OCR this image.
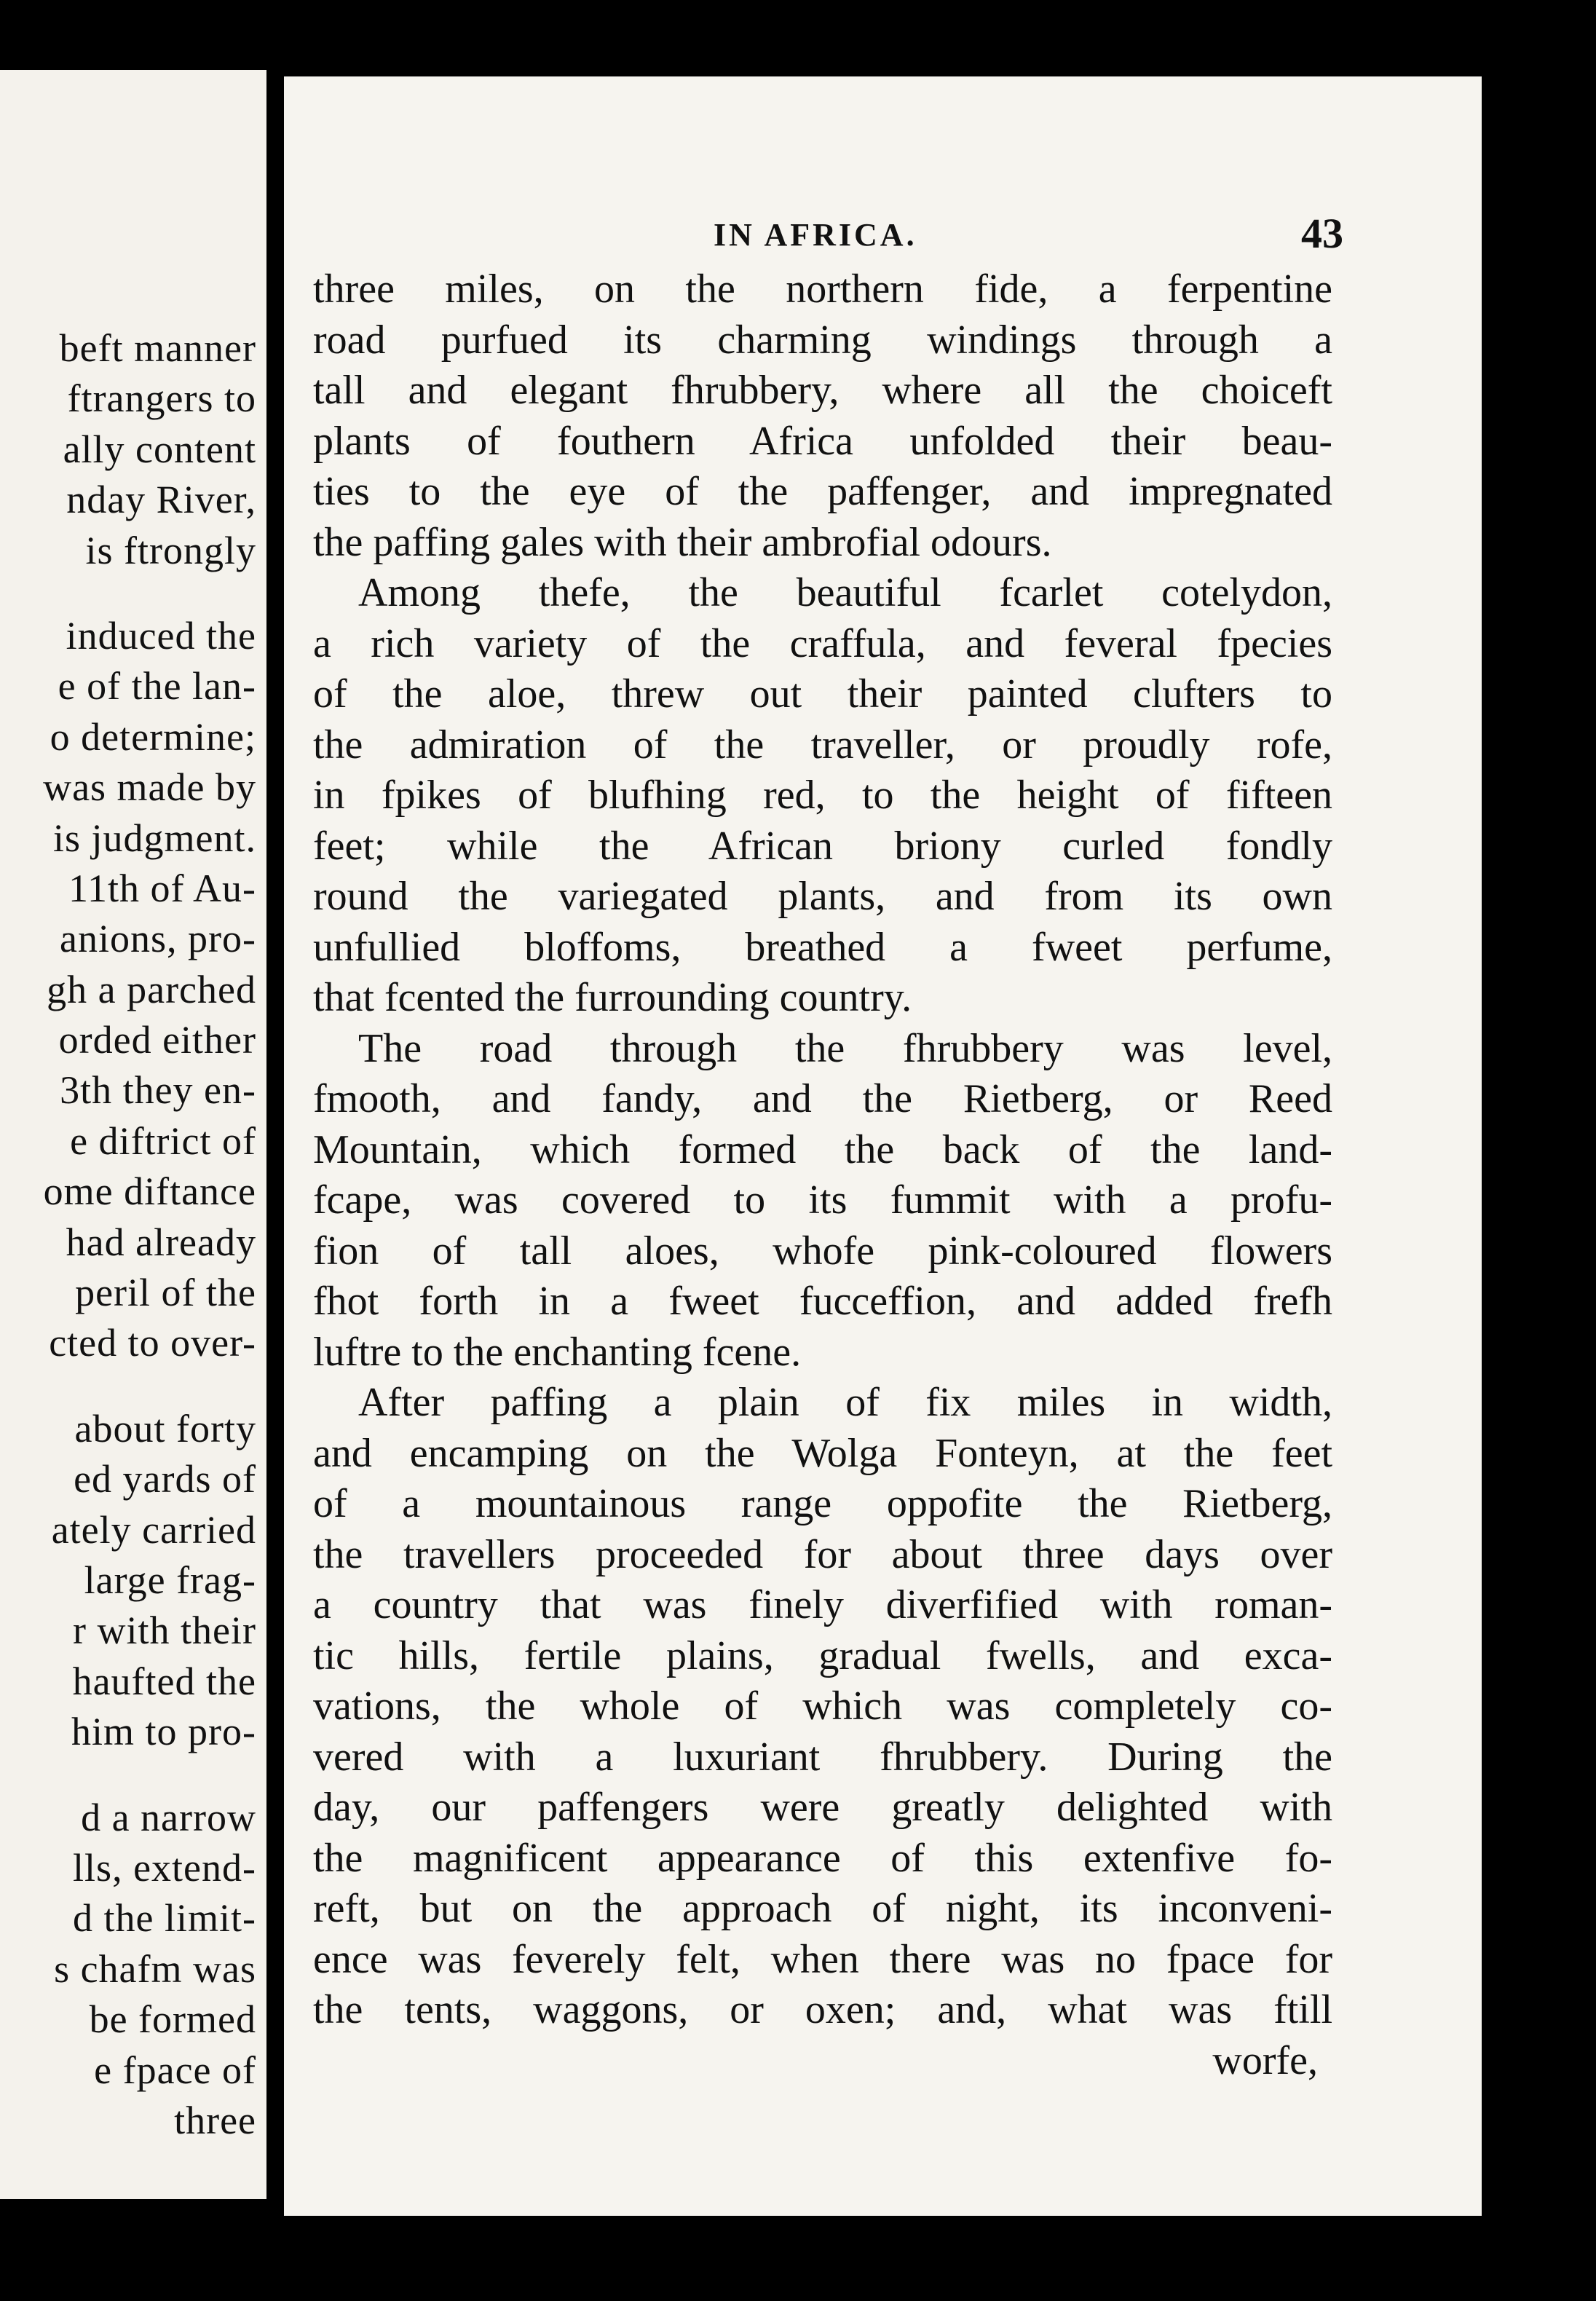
beft manner
ftrangers to
ally content
nday River,
is ftrongly
induced the
e of the lan-
o determine;
was made by
is judgment.
11th of Au-
anions, pro-
gh a parched
orded either
3th they en-
e diftrict of
ome diftance
had already
peril of the
cted to over-
about forty
ed yards of
ately carried
large frag-
r with their
haufted the
him to pro-
d a narrow
lls, extend-
d the limit-
s chafm was
be formed
e fpace of
three
IN AFRICA.	43
three miles, on the northern fide, a ferpentine
road purfued its charming windings through a
tall and elegant fhrubbery, where all the choiceft
plants of fouthern Africa unfolded their beau-
ties to the eye of the paffenger, and impregnated
the paffing gales with their ambrofial odours.
Among thefe, the beautiful fcarlet cotelydon,
a rich variety of the craffula, and feveral fpecies
of the aloe, threw out their painted clufters to
the admiration of the traveller, or proudly rofe,
in fpikes of blufhing red, to the height of fifteen
feet; while the African briony curled fondly
round the variegated plants, and from its own
unfullied bloffoms, breathed a fweet perfume,
that fcented the furrounding country.
The road through the fhrubbery was level,
fmooth, and fandy, and the Rietberg, or Reed
Mountain, which formed the back of the land-
fcape, was covered to its fummit with a profu-
fion of tall aloes, whofe pink-coloured flowers
fhot forth in a fweet fucceffion, and added frefh
luftre to the enchanting fcene.
After paffing a plain of fix miles in width,
and encamping on the Wolga Fonteyn, at the feet
of a mountainous range oppofite the Rietberg,
the travellers proceeded for about three days over
a country that was finely diverfified with roman-
tic hills, fertile plains, gradual fwells, and exca-
vations, the whole of which was completely co-
vered with a luxuriant fhrubbery. During the
day, our paffengers were greatly delighted with
the magnificent appearance of this extenfive fo-
reft, but on the approach of night, its inconveni-
ence was feverely felt, when there was no fpace for
the tents, waggons, or oxen; and, what was ftill
worfe,
